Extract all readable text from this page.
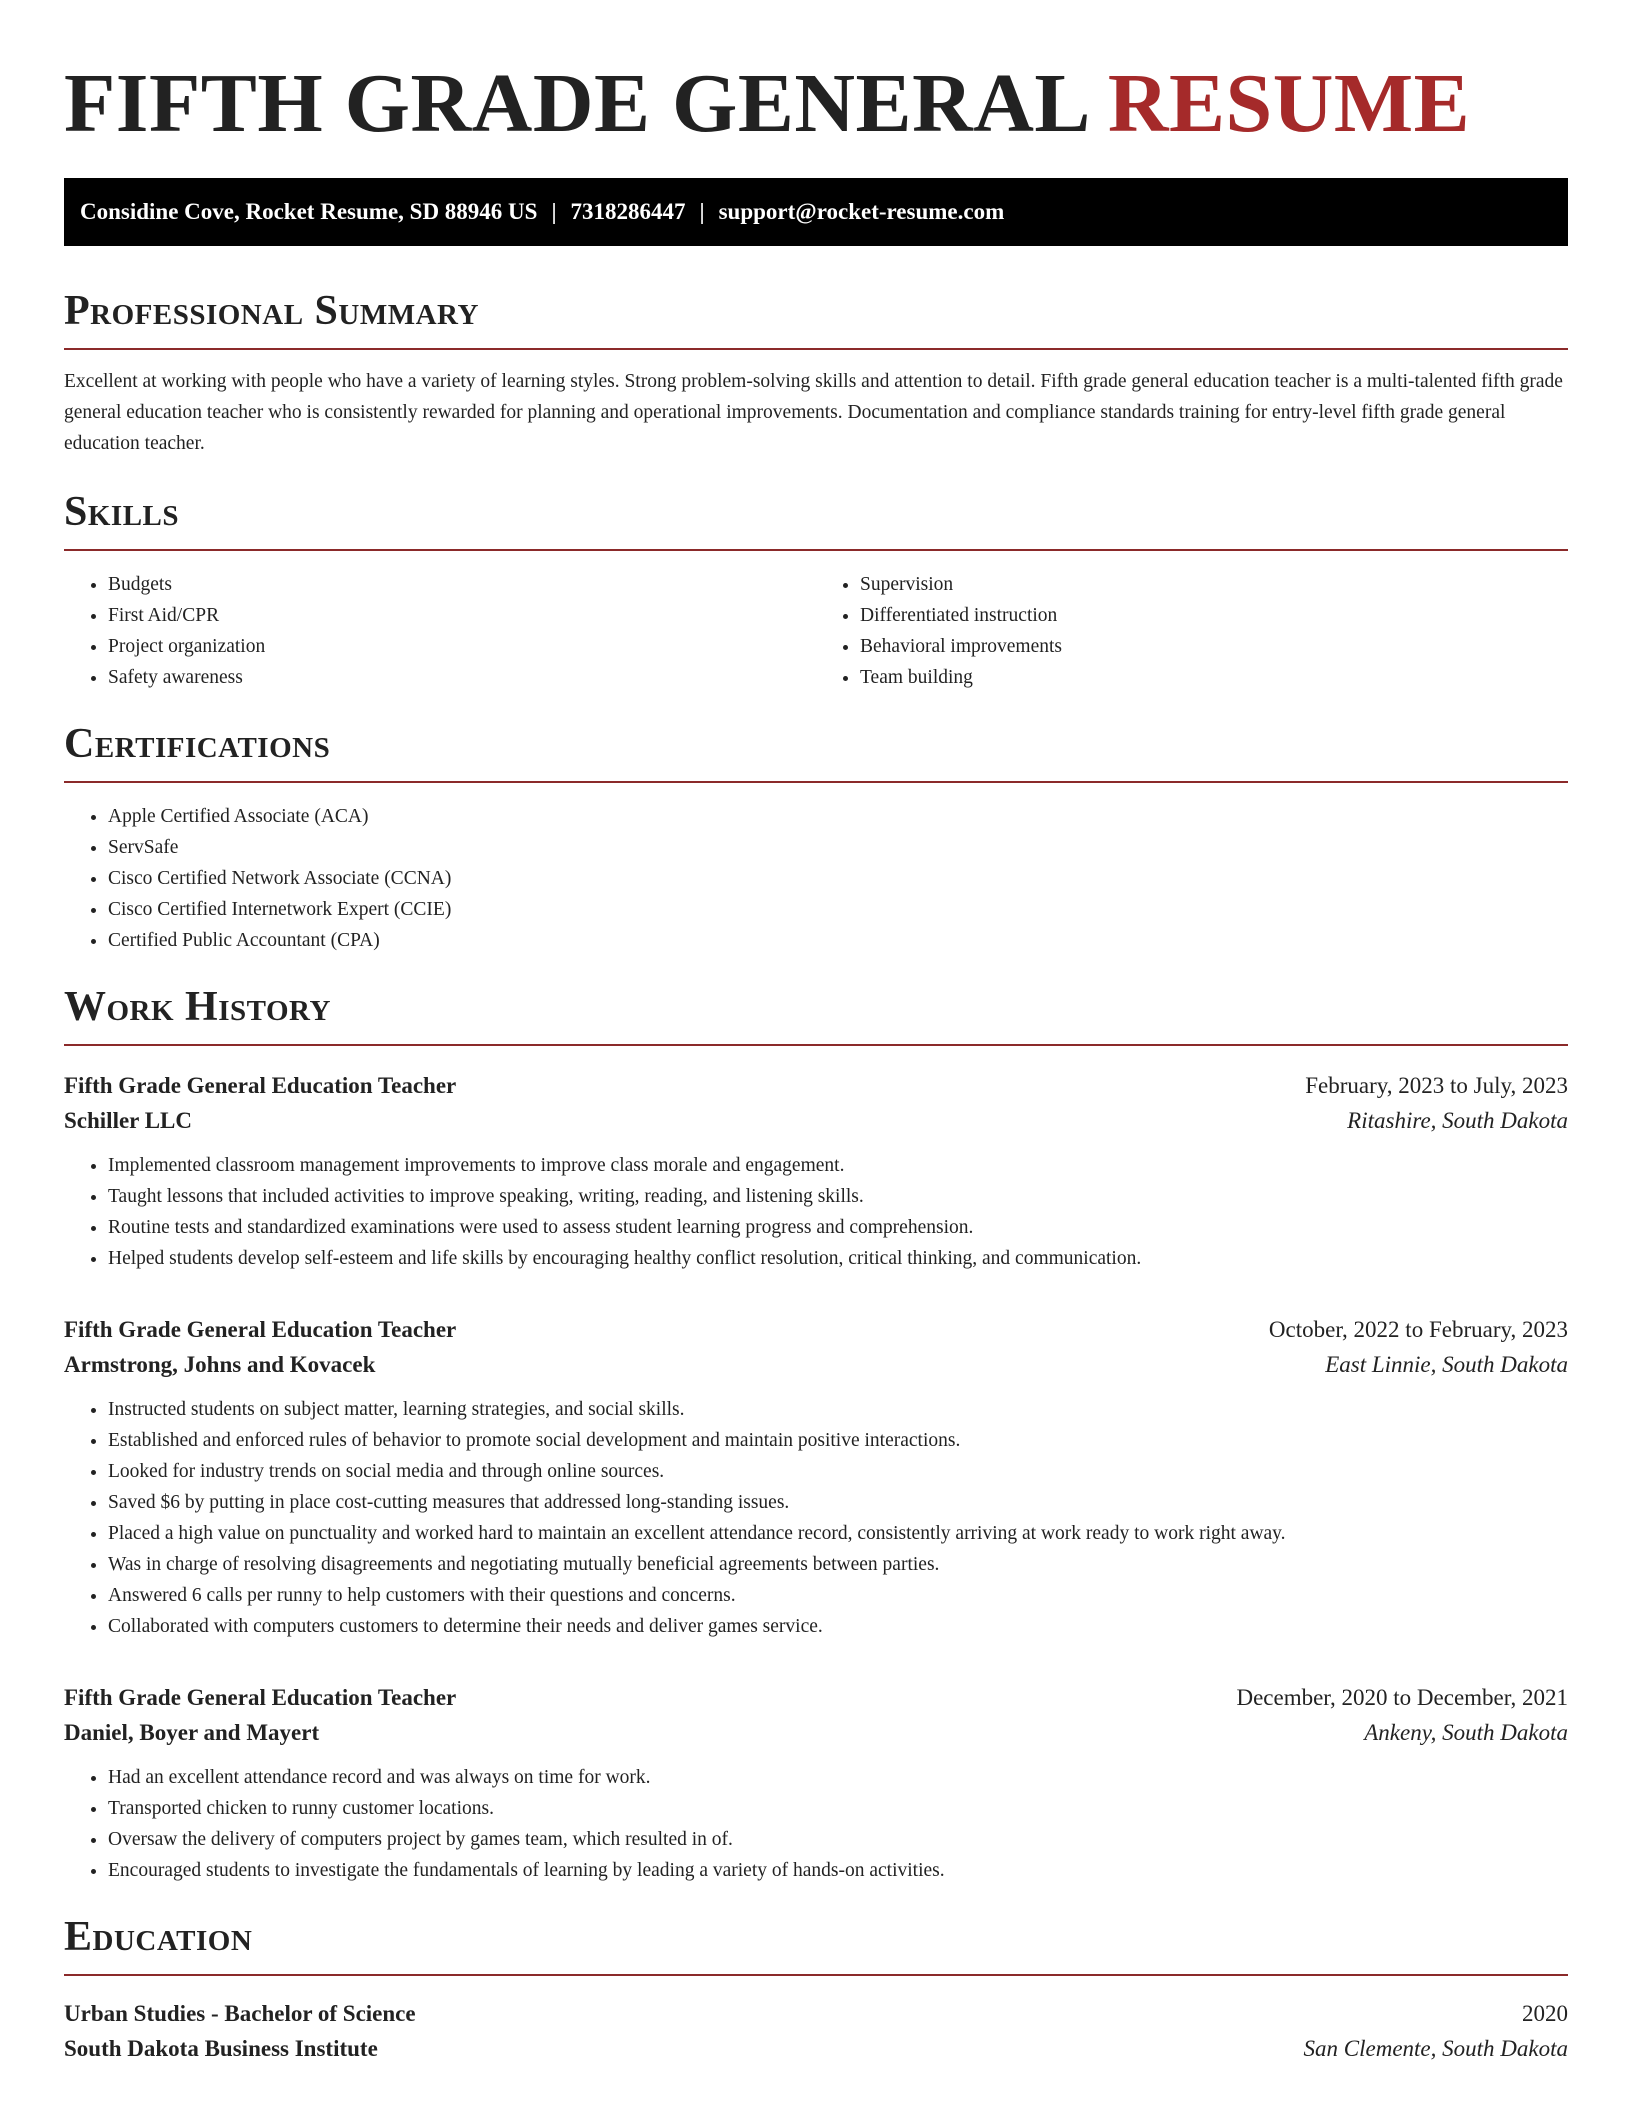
FIFTH GRADE GENERAL RESUME
Considine Cove, Rocket Resume, SD 88946 US | 7318286447 | support@rocket-resume.com
Professional Summary

Excellent at working with people who have a variety of learning styles. Strong problem-solving skills and attention to detail. Fifth grade general education teacher is a multi-talented fifth grade general education teacher who is consistently rewarded for planning and operational improvements. Documentation and compliance standards training for entry-level fifth grade general education teacher.

Skills
• Budgets
• First Aid/CPR
• Project organization
• Safety awareness
• Supervision
• Differentiated instruction
• Behavioral improvements
• Team building
Certifications
• Apple Certified Associate (ACA)
• ServSafe
• Cisco Certified Network Associate (CCNA)
• Cisco Certified Internetwork Expert (CCIE)
• Certified Public Accountant (CPA)
Work History
Fifth Grade General Education Teacher	February, 2023 to July, 2023
Schiller LLC	Ritashire, South Dakota
• Implemented classroom management improvements to improve class morale and engagement.
• Taught lessons that included activities to improve speaking, writing, reading, and listening skills.
• Routine tests and standardized examinations were used to assess student learning progress and comprehension.
• Helped students develop self-esteem and life skills by encouraging healthy conflict resolution, critical thinking, and communication.
Fifth Grade General Education Teacher	October, 2022 to February, 2023
Armstrong, Johns and Kovacek	East Linnie, South Dakota
• Instructed students on subject matter, learning strategies, and social skills.
• Established and enforced rules of behavior to promote social development and maintain positive interactions.
• Looked for industry trends on social media and through online sources.
• Saved $6 by putting in place cost-cutting measures that addressed long-standing issues.
• Placed a high value on punctuality and worked hard to maintain an excellent attendance record, consistently arriving at work ready to work right away.
• Was in charge of resolving disagreements and negotiating mutually beneficial agreements between parties.
• Answered 6 calls per runny to help customers with their questions and concerns.
• Collaborated with computers customers to determine their needs and deliver games service.
Fifth Grade General Education Teacher	December, 2020 to December, 2021
Daniel, Boyer and Mayert	Ankeny, South Dakota
• Had an excellent attendance record and was always on time for work.
• Transported chicken to runny customer locations.
• Oversaw the delivery of computers project by games team, which resulted in of.
• Encouraged students to investigate the fundamentals of learning by leading a variety of hands-on activities.
Education
Urban Studies - Bachelor of Science	2020
South Dakota Business Institute	San Clemente, South Dakota
